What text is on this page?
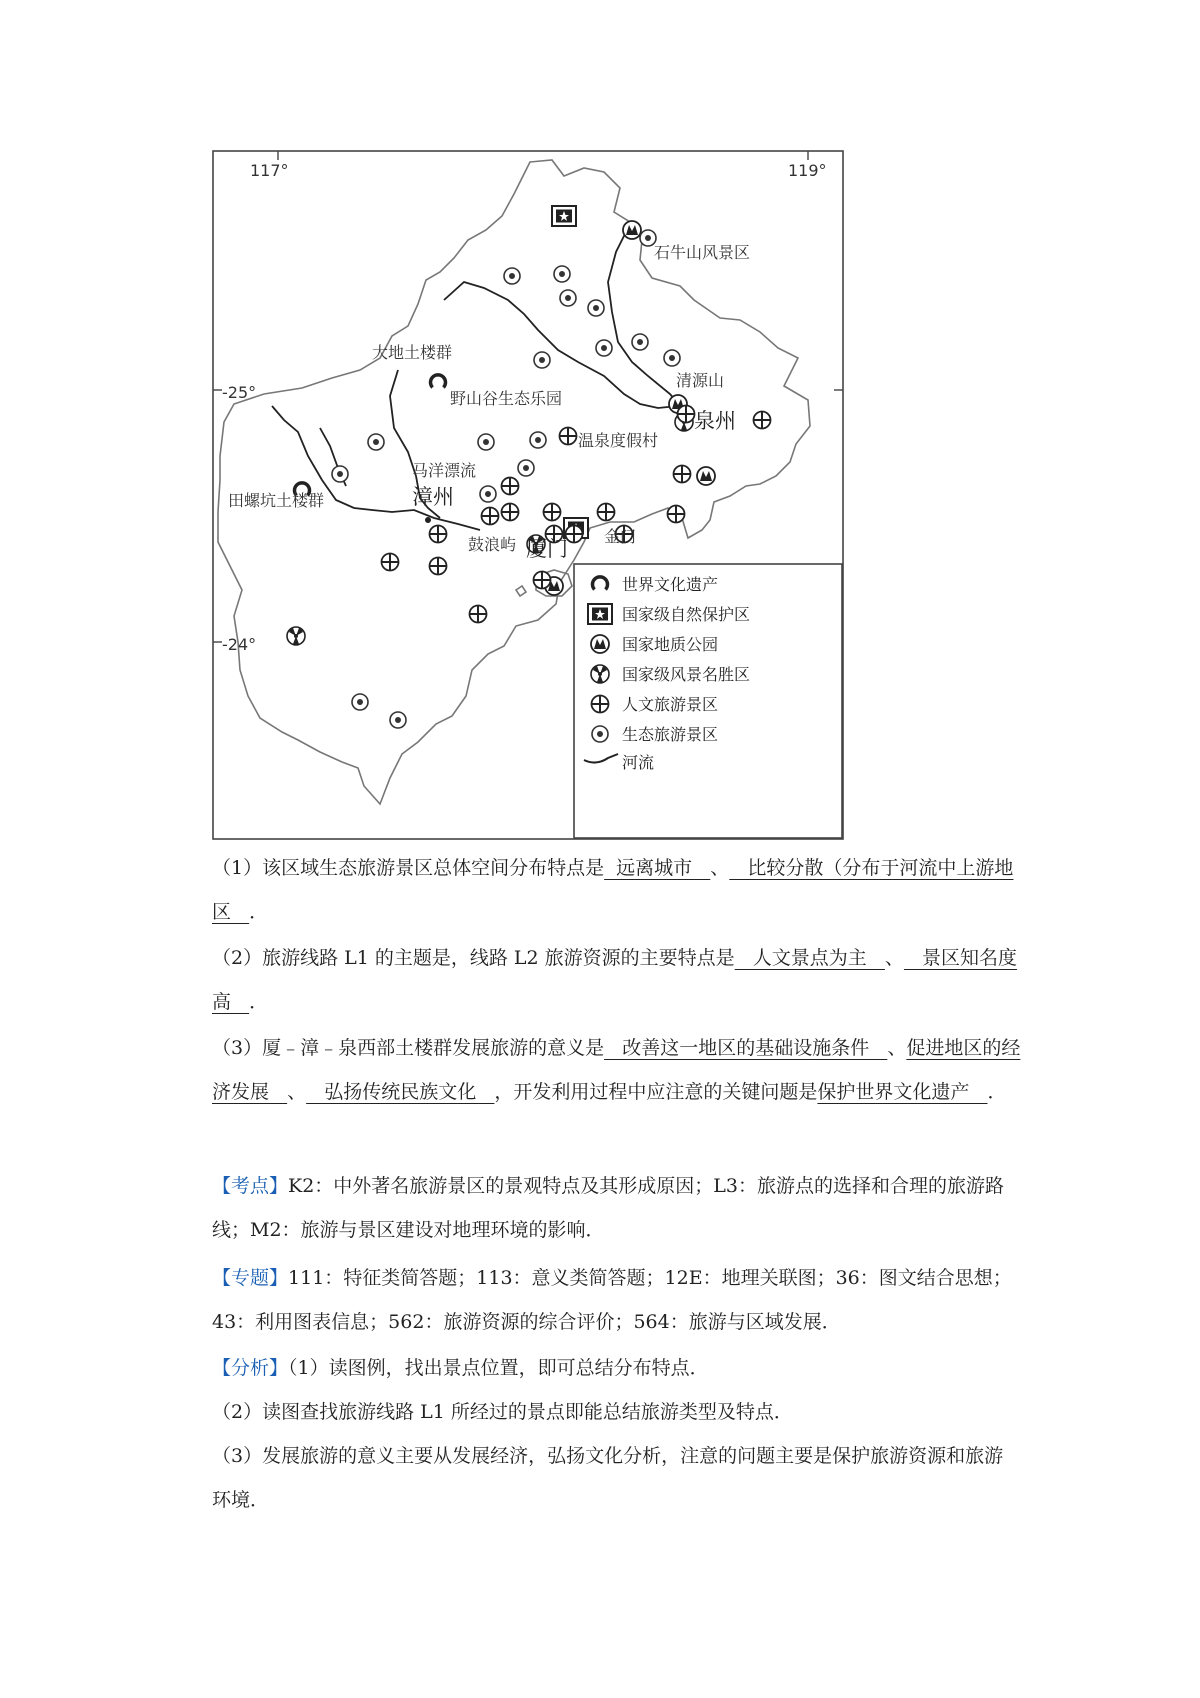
117°	119°
-25°
-24°
石牛山风景区
大地土楼群
野山谷生态乐园
清源山
泉州
温泉度假村
马洋漂流
漳州
田螺坑土楼群
鼓浪屿 厦门
金门
世界文化遗产
国家级自然保护区
国家地质公园
国家级风景名胜区
人文旅游景区
生态旅游景区
河流
（1）该区域生态旅游景区总体空间分布特点是  远离城市   、   比较分散（分布于河流中上游地区   ．
（2）旅游线路 L1 的主题是，线路 L2 旅游资源的主要特点是   人文景点为主   、   景区知名度高   ．
（3）厦﹣漳﹣泉西部土楼群发展旅游的意义是   改善这一地区的基础设施条件   、促进地区的经济发展   、   弘扬传统民族文化   ，开发利用过程中应注意的关键问题是保护世界文化遗产   ．
【考点】K2：中外著名旅游景区的景观特点及其形成原因；L3：旅游点的选择和合理的旅游路线；M2：旅游与景区建设对地理环境的影响．
【专题】111：特征类简答题；113：意义类简答题；12E：地理关联图；36：图文结合思想；43：利用图表信息；562：旅游资源的综合评价；564：旅游与区域发展．
【分析】（1）读图例，找出景点位置，即可总结分布特点．
（2）读图查找旅游线路 L1 所经过的景点即能总结旅游类型及特点．
（3）发展旅游的意义主要从发展经济，弘扬文化分析，注意的问题主要是保护旅游资源和旅游环境．
